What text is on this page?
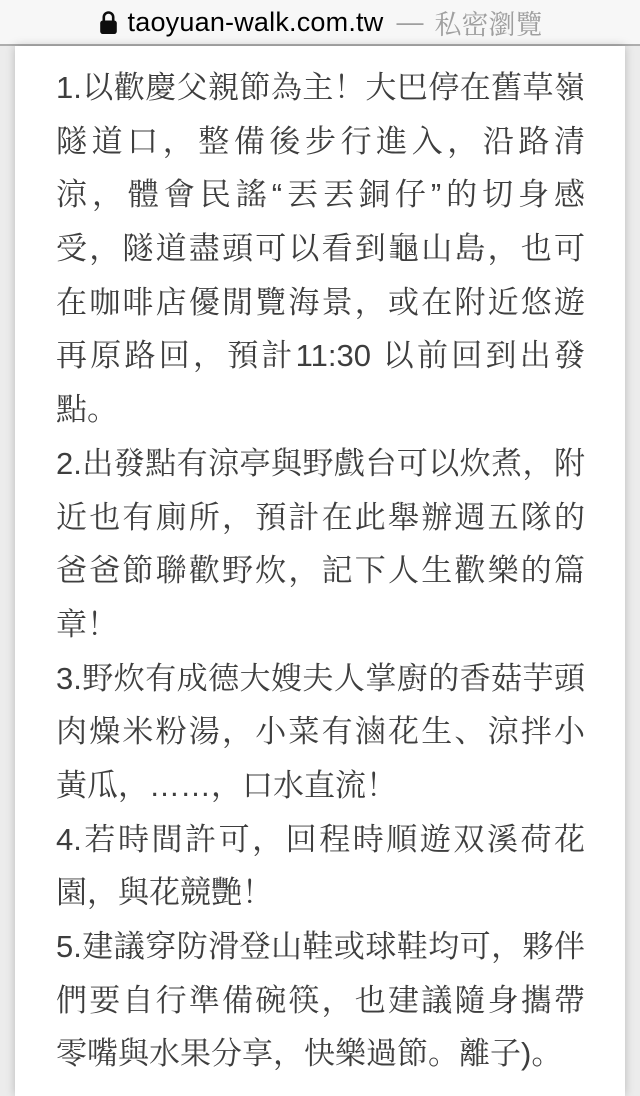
taoyuan-walk.com.tw — 私密瀏覽
1.以歡慶父親節為主！大巴停在舊草嶺
隧道口，整備後步行進入，沿路清
涼，體會民謠“丟丟銅仔”的切身感
受，隧道盡頭可以看到龜山島，也可
在咖啡店優閒覽海景，或在附近悠遊
再原路回，預計11:30 以前回到出發
點。
2.出發點有涼亭與野戲台可以炊煮，附
近也有廁所，預計在此舉辦週五隊的
爸爸節聯歡野炊，記下人生歡樂的篇
章！
3.野炊有成德大嫂夫人掌廚的香菇芋頭
肉燥米粉湯，小菜有滷花生、涼拌小
黃瓜，……，口水直流！
4.若時間許可，回程時順遊双溪荷花
園，與花競艷！
5.建議穿防滑登山鞋或球鞋均可，夥伴
們要自行準備碗筷，也建議隨身攜帶
零嘴與水果分享，快樂過節。離子)。
